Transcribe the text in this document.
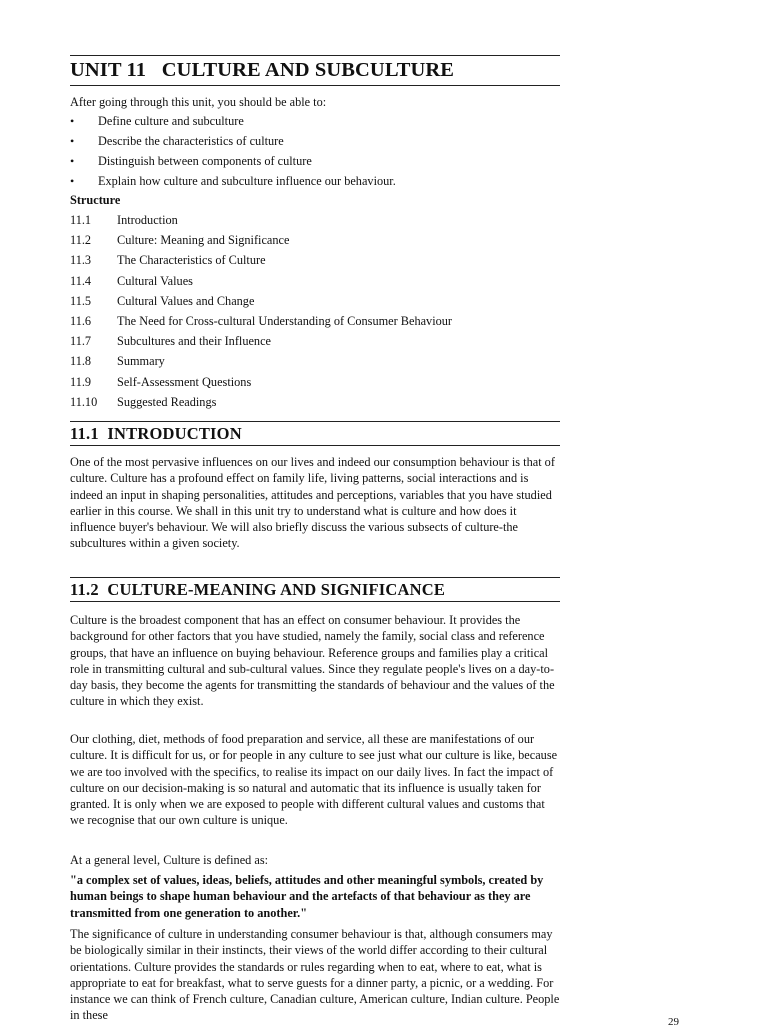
UNIT 11   CULTURE AND SUBCULTURE
After going through this unit, you should be able to:
•	Define culture and subculture
•	Describe the characteristics of culture
•	Distinguish between components of culture
•	Explain how culture and subculture influence our behaviour.
Structure
11.1	Introduction
11.2	Culture: Meaning and Significance
11.3	The Characteristics of Culture
11.4	Cultural Values
11.5	Cultural Values and Change
11.6	The Need for Cross-cultural Understanding of Consumer Behaviour
11.7	Subcultures and their Influence
11.8	Summary
11.9	Self-Assessment Questions
11.10	Suggested Readings
11.1  INTRODUCTION

One of the most pervasive influences on our lives and indeed our consumption behaviour is that of culture. Culture has a profound effect on family life, living patterns, social interactions and is indeed an input in shaping personalities, attitudes and perceptions, variables that you have studied earlier in this course. We shall in this unit try to understand what is culture and how does it influence buyer's behaviour. We will also briefly discuss the various subsects of culture-the subcultures within a given society.

11.2  CULTURE-MEANING AND SIGNIFICANCE

Culture is the broadest component that has an effect on consumer behaviour. It provides the background for other factors that you have studied, namely the family, social class and reference groups, that have an influence on buying behaviour. Reference groups and families play a critical role in transmitting cultural and sub-cultural values. Since they regulate people's lives on a day-to-day basis, they become the agents for transmitting the standards of behaviour and the values of the culture in which they exist.

Our clothing, diet, methods of food preparation and service, all these are manifestations of our culture. It is difficult for us, or for people in any culture to see just what our culture is like, because we are too involved with the specifics, to realise its impact on our daily lives. In fact the impact of culture on our decision-making is so natural and automatic that its influence is usually taken for granted. It is only when we are exposed to people with different cultural values and customs that we recognise that our own culture is unique.

At a general level, Culture is defined as:

"a complex set of values, ideas, beliefs, attitudes and other meaningful symbols, created by human beings to shape human behaviour and the artefacts of that behaviour as they are transmitted from one generation to another."

The significance of culture in understanding consumer behaviour is that, although consumers may be biologically similar in their instincts, their views of the world differ according to their cultural orientations. Culture provides the standards or rules regarding when to eat, where to eat, what is appropriate to eat for breakfast, what to serve guests for a dinner party, a picnic, or a wedding. For instance we can think of French culture, Canadian culture, American culture, Indian culture. People in these	29
